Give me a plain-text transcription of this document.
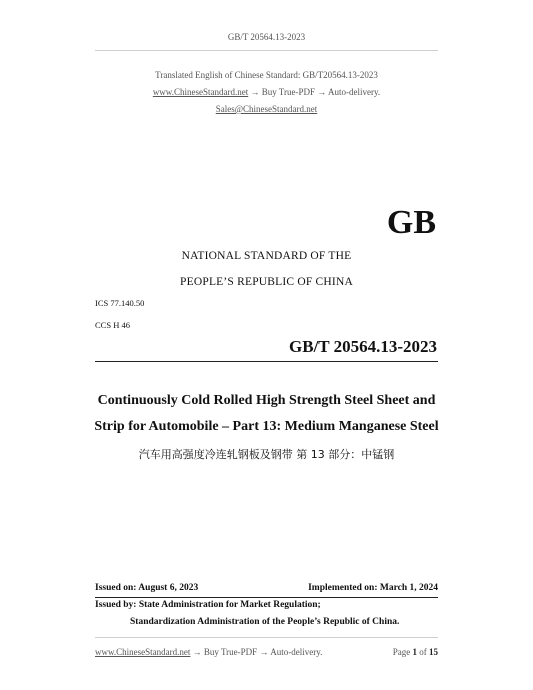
GB/T 20564.13-2023
Translated English of Chinese Standard: GB/T20564.13-2023
www.ChineseStandard.net → Buy True-PDF → Auto-delivery.
Sales@ChineseStandard.net
GB
NATIONAL STANDARD OF THE
PEOPLE’S REPUBLIC OF CHINA
ICS 77.140.50
CCS H 46
GB/T 20564.13-2023
Continuously Cold Rolled High Strength Steel Sheet and
Strip for Automobile – Part 13: Medium Manganese Steel
汽车用高强度冷连轧钢板及钢带 第 13 部分：中锰钢
Issued on: August 6, 2023	Implemented on: March 1, 2024
Issued by: State Administration for Market Regulation;
Standardization Administration of the People’s Republic of China.
www.ChineseStandard.net → Buy True-PDF → Auto-delivery.	Page 1 of 15
